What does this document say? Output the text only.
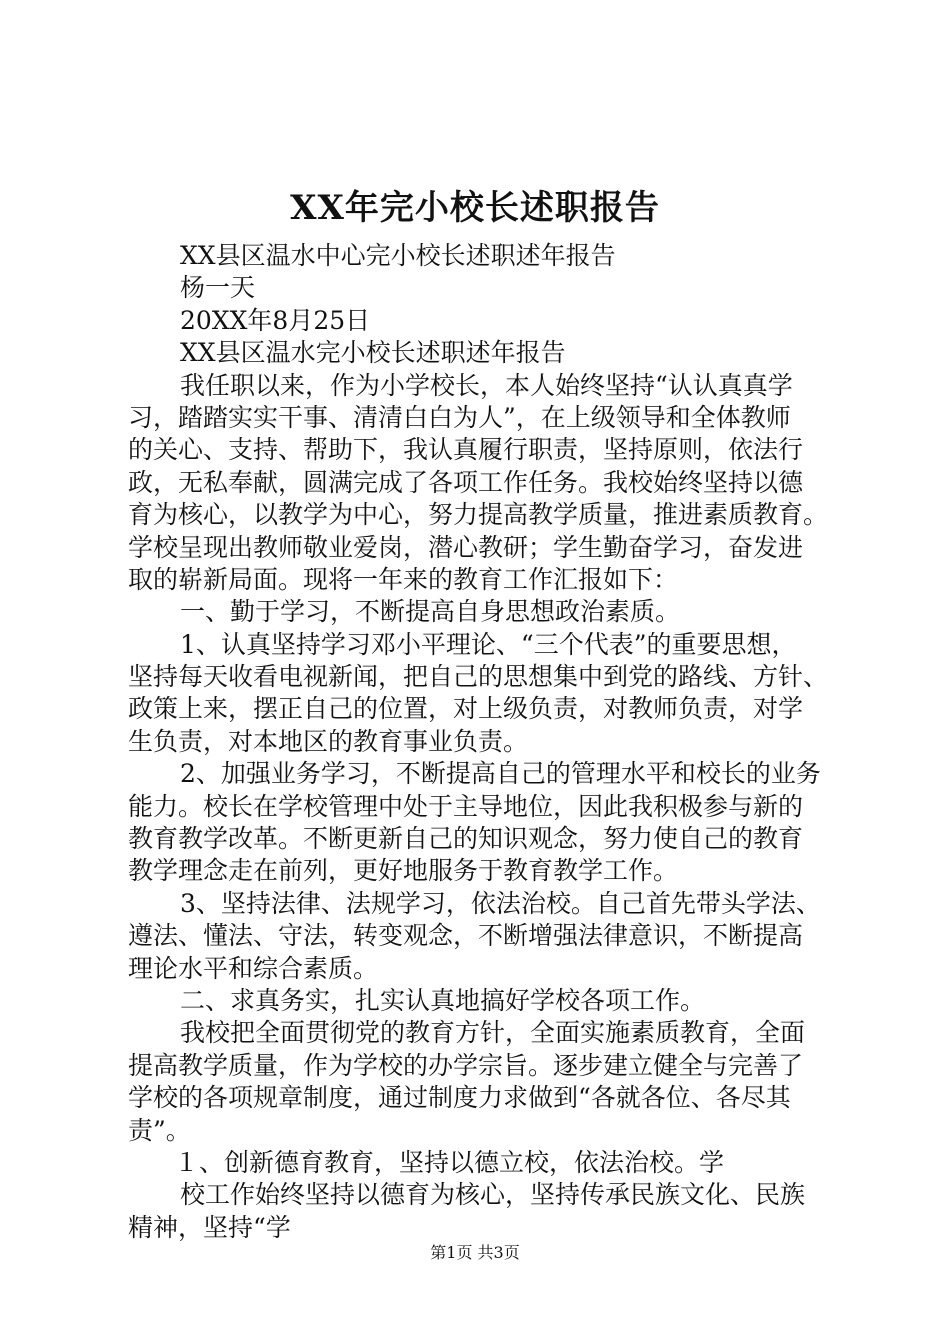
XX年完小校长述职报告

XX县区温水中心完小校长述职述年报告

杨一天

20XX年8月25日

XX县区温水完小校长述职述年报告

我任职以来，作为小学校长，本人始终坚持“认认真真学

习，踏踏实实干事、清清白白为人”，在上级领导和全体教师

的关心、支持、帮助下，我认真履行职责，坚持原则，依法行

政，无私奉献，圆满完成了各项工作任务。我校始终坚持以德

育为核心，以教学为中心，努力提高教学质量，推进素质教育。

学校呈现出教师敬业爱岗，潜心教研；学生勤奋学习，奋发进

取的崭新局面。现将一年来的教育工作汇报如下：

一、勤于学习，不断提高自身思想政治素质。

1、认真坚持学习邓小平理论、“三个代表”的重要思想，

坚持每天收看电视新闻，把自己的思想集中到党的路线、方针、

政策上来，摆正自己的位置，对上级负责，对教师负责，对学

生负责，对本地区的教育事业负责。

2、加强业务学习，不断提高自己的管理水平和校长的业务

能力。校长在学校管理中处于主导地位，因此我积极参与新的

教育教学改革。不断更新自己的知识观念，努力使自己的教育

教学理念走在前列，更好地服务于教育教学工作。

3、坚持法律、法规学习，依法治校。自己首先带头学法、

遵法、懂法、守法，转变观念，不断增强法律意识，不断提高

理论水平和综合素质。

二、求真务实，扎实认真地搞好学校各项工作。

我校把全面贯彻党的教育方针，全面实施素质教育，全面

提高教学质量，作为学校的办学宗旨。逐步建立健全与完善了

学校的各项规章制度，通过制度力求做到“各就各位、各尽其

责”。

１、创新德育教育，坚持以德立校，依法治校。学

校工作始终坚持以德育为核心，坚持传承民族文化、民族

精神，坚持“学

第1页 共3页
